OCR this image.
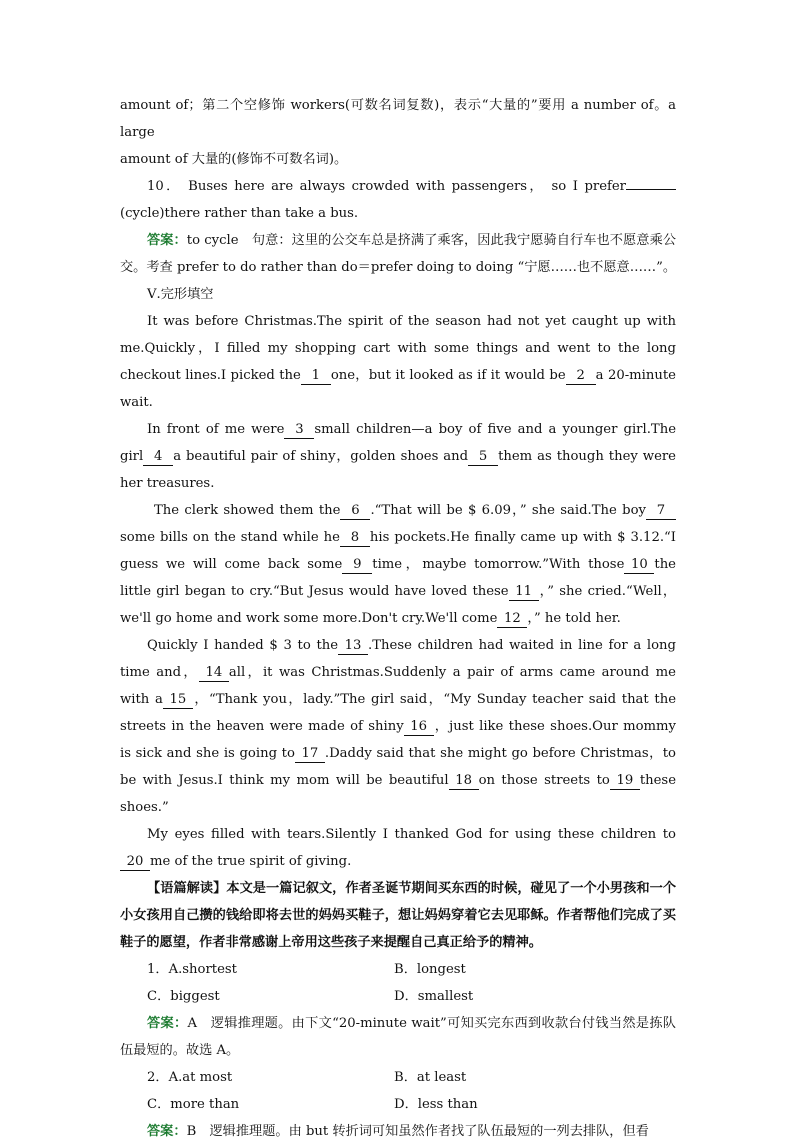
amount of；第二个空修饰 workers(可数名词复数)，表示“大量的”要用 a number of。a large
amount of 大量的(修饰不可数名词)。

10． Buses here are always crowded with passengers， so I prefer(cycle)there rather than take a bus.

答案：to cycle　句意：这里的公交车总是挤满了乘客，因此我宁愿骑自行车也不愿意乘公交。考查 prefer to do rather than do＝prefer doing to doing “宁愿……也不愿意……”。

Ⅴ.完形填空

It was before Christmas.The spirit of the season had not yet caught up with me.Quickly，I filled my shopping cart with some things and went to the long checkout lines.I picked the 1 one，but it looked as if it would be 2 a 20-minute wait.

In front of me were 3 small children—a boy of five and a younger girl.The girl 4 a beautiful pair of shiny，golden shoes and 5 them as though they were her treasures.

The clerk showed them the 6 .“That will be $ 6.09，” she said.The boy 7some bills on the stand while he 8 his pockets.He finally came up with $ 3.12.“I guess we will come back some 9 time，maybe tomorrow.”With those 10 the little girl began to cry.“But Jesus would have loved these 11 ，” she cried.“Well，we'll go home and work some more.Don't cry.We'll come 12 ，” he told her.

Quickly I handed $ 3 to the 13 .These children had waited in line for a long time and， 14 all，it was Christmas.Suddenly a pair of arms came around me with a 15 ，“Thank you，lady.”The girl said，“My Sunday teacher said that the streets in the heaven were made of shiny 16 ，just like these shoes.Our mommy is sick and she is going to 17 .Daddy said that she might go before Christmas，to be with Jesus.I think my mom will be beautiful 18 on those streets to 19 these shoes.”

My eyes filled with tears.Silently I thanked God for using these children to20 me of the true spirit of giving.

【语篇解读】本文是一篇记叙文，作者圣诞节期间买东西的时候，碰见了一个小男孩和一个小女孩用自己攒的钱给即将去世的妈妈买鞋子，想让妈妈穿着它去见耶稣。作者帮他们完成了买鞋子的愿望，作者非常感谢上帝用这些孩子来提醒自己真正给予的精神。

1．A.shortest	B．longest
C．biggest	D．smallest

答案：A　逻辑推理题。由下文“20-minute wait”可知买完东西到收款台付钱当然是拣队伍最短的。故选 A。

2．A.at most	B．at least
C．more than	D．less than

答案：B　逻辑推理题。由 but 转折词可知虽然作者找了队伍最短的一列去排队，但看
